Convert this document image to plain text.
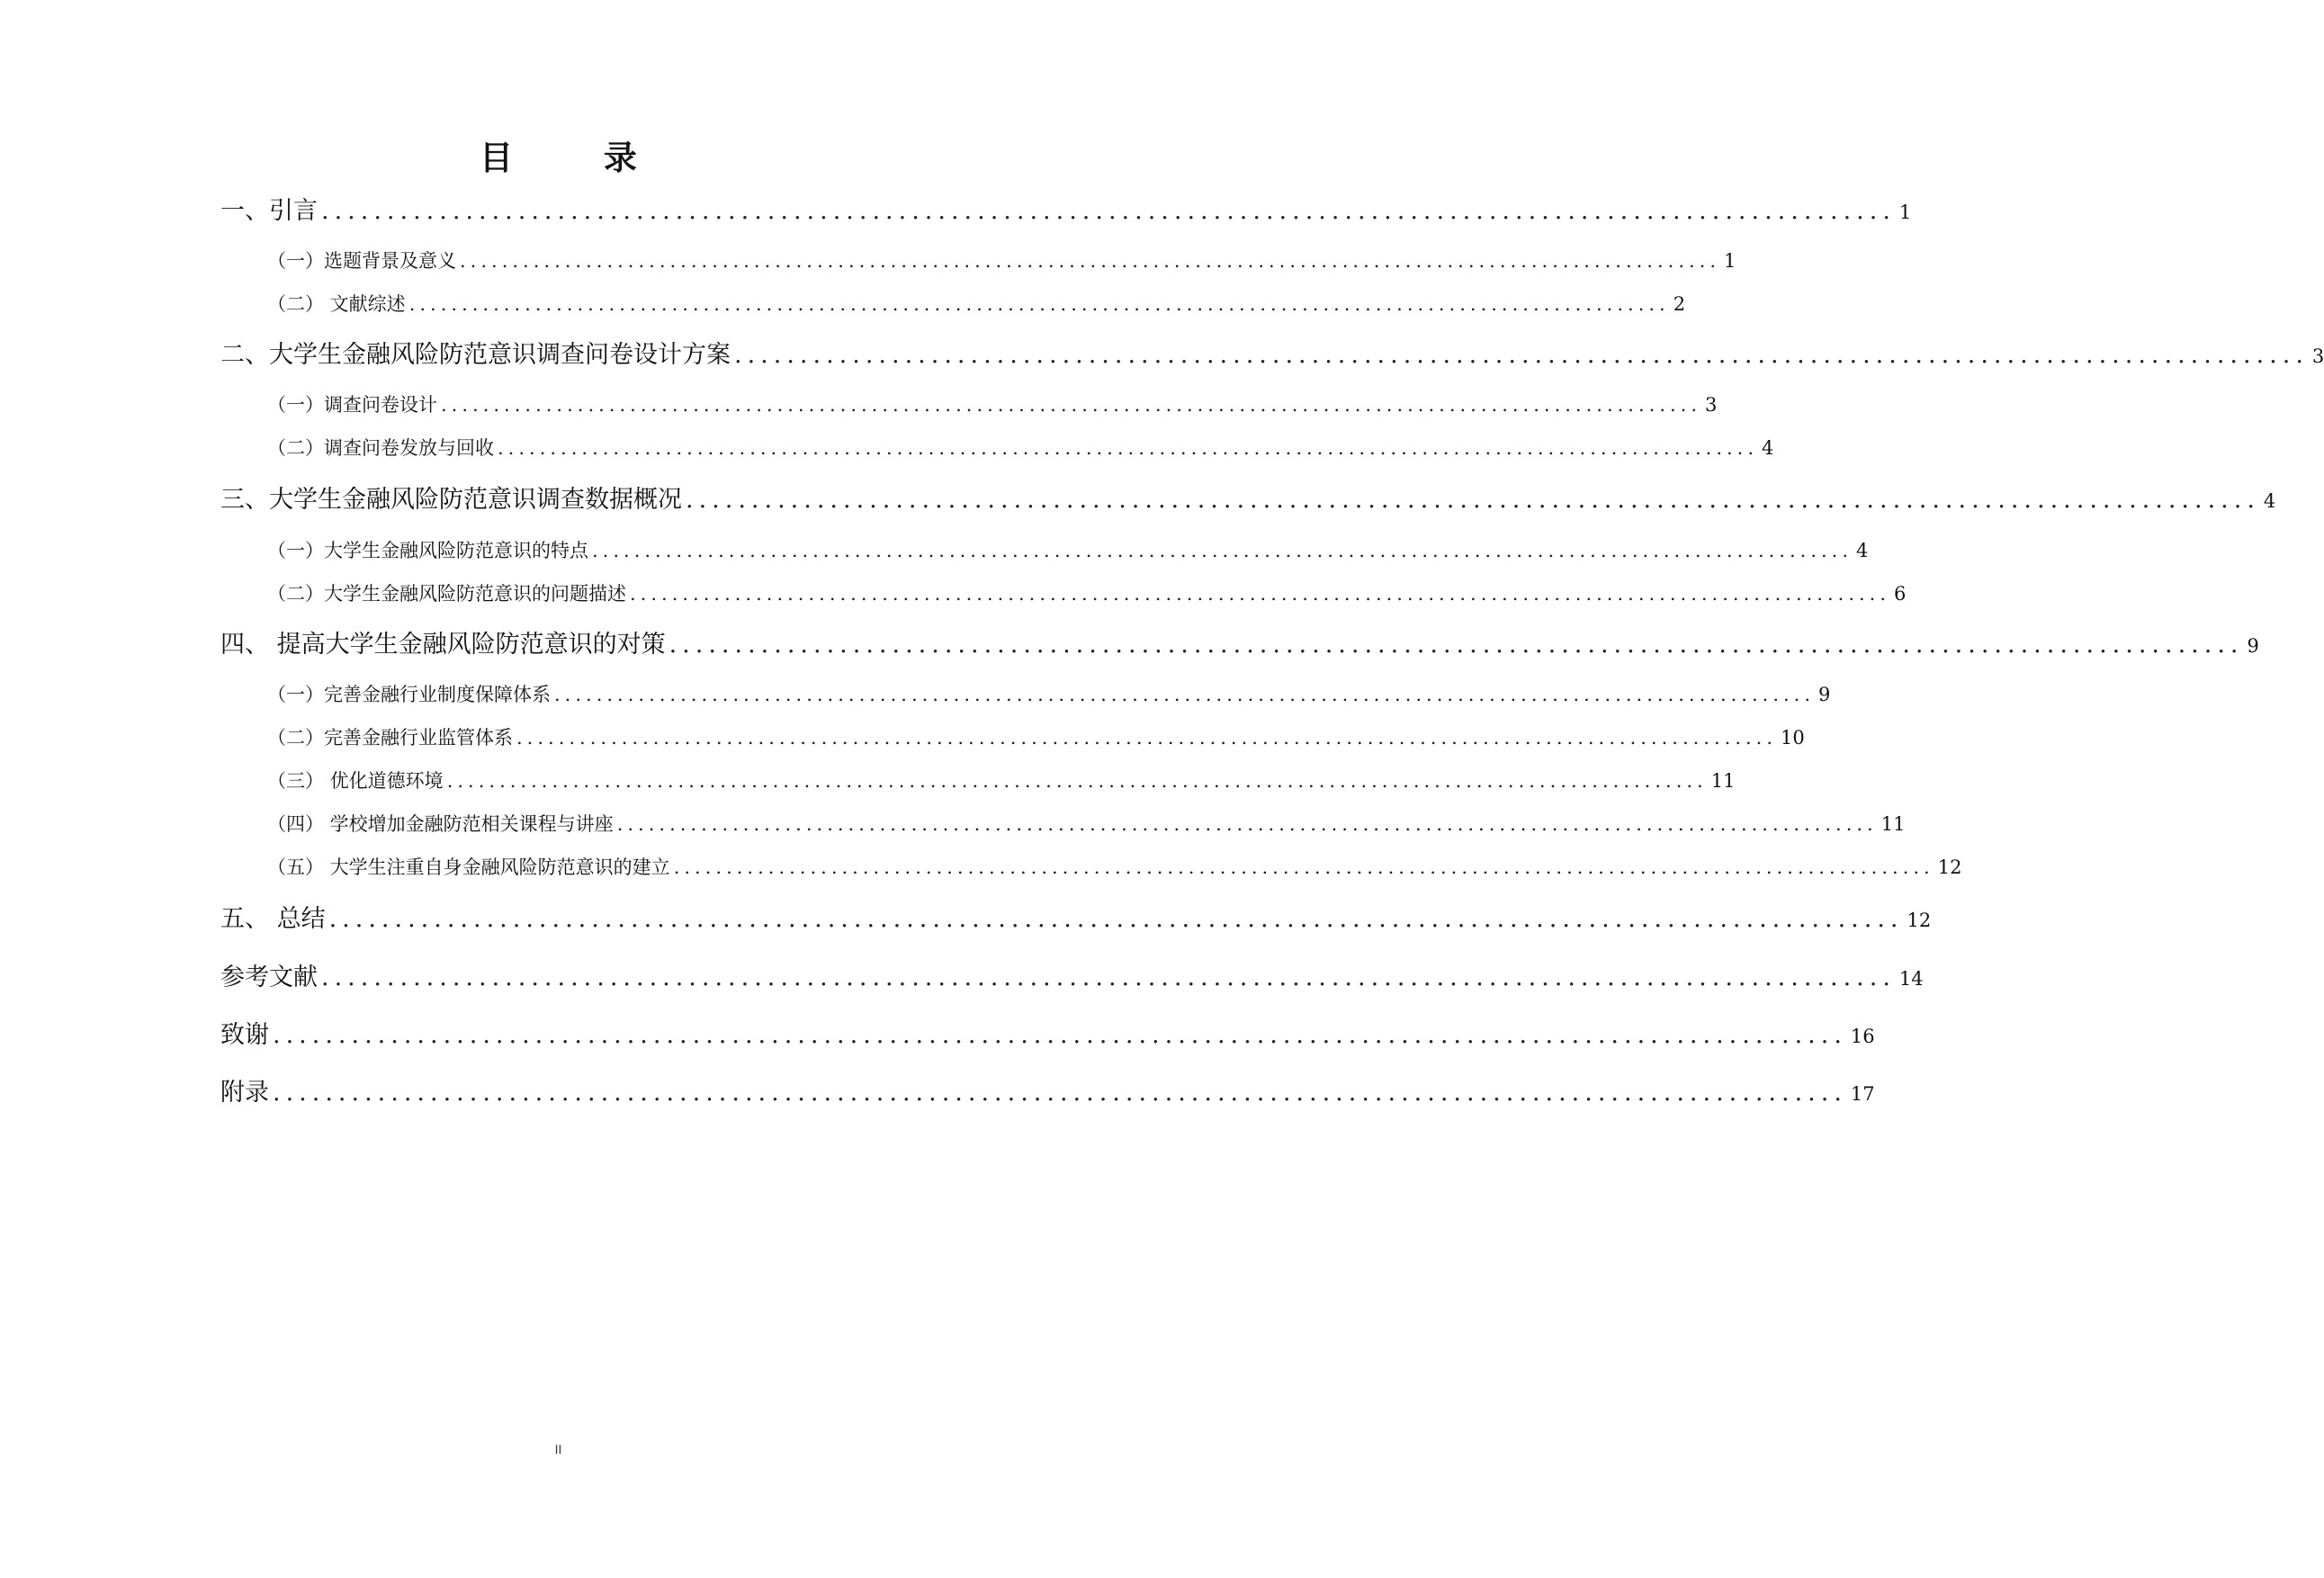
目 录
一、引言 ........................................................................................................................ 1
（一）选题背景及意义 ........................................................................................................................ 1
（二） 文献综述 ........................................................................................................................ 2
二、大学生金融风险防范意识调查问卷设计方案 ........................................................................................................................ 3
（一）调查问卷设计 ........................................................................................................................ 3
（二）调查问卷发放与回收 ........................................................................................................................ 4
三、大学生金融风险防范意识调查数据概况 ........................................................................................................................ 4
（一）大学生金融风险防范意识的特点 ........................................................................................................................ 4
（二）大学生金融风险防范意识的问题描述 ........................................................................................................................ 6
四、 提高大学生金融风险防范意识的对策 ........................................................................................................................ 9
（一）完善金融行业制度保障体系 ........................................................................................................................ 9
（二）完善金融行业监管体系 ........................................................................................................................ 10
（三） 优化道德环境 ........................................................................................................................ 11
（四） 学校增加金融防范相关课程与讲座 ........................................................................................................................ 11
（五） 大学生注重自身金融风险防范意识的建立 ........................................................................................................................ 12
五、 总结 ........................................................................................................................ 12
参考文献 ........................................................................................................................ 14
致谢 ........................................................................................................................ 16
附录 ........................................................................................................................ 17
II
